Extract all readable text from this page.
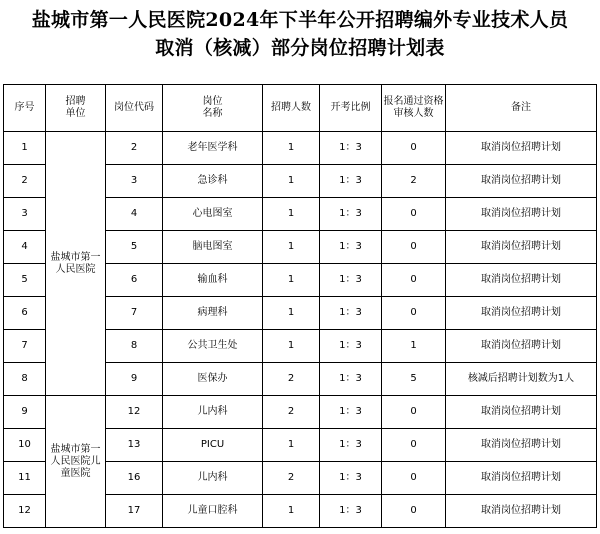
盐城市第一人民医院2024年下半年公开招聘编外专业技术人员
取消（核减）部分岗位招聘计划表
序号	招聘单位	岗位代码	岗位名称	招聘人数	开考比例	报名通过资格审核人数	备注
1	盐城市第一人民医院	2	老年医学科	1	1：3	0	取消岗位招聘计划
2		3	急诊科	1	1：3	2	取消岗位招聘计划
3		4	心电图室	1	1：3	0	取消岗位招聘计划
4		5	脑电图室	1	1：3	0	取消岗位招聘计划
5		6	输血科	1	1：3	0	取消岗位招聘计划
6		7	病理科	1	1：3	0	取消岗位招聘计划
7		8	公共卫生处	1	1：3	1	取消岗位招聘计划
8		9	医保办	2	1：3	5	核减后招聘计划数为1人
9	盐城市第一人民医院儿童医院	12	儿内科	2	1：3	0	取消岗位招聘计划
10		13	PICU	1	1：3	0	取消岗位招聘计划
11		16	儿内科	2	1：3	0	取消岗位招聘计划
12		17	儿童口腔科	1	1：3	0	取消岗位招聘计划
